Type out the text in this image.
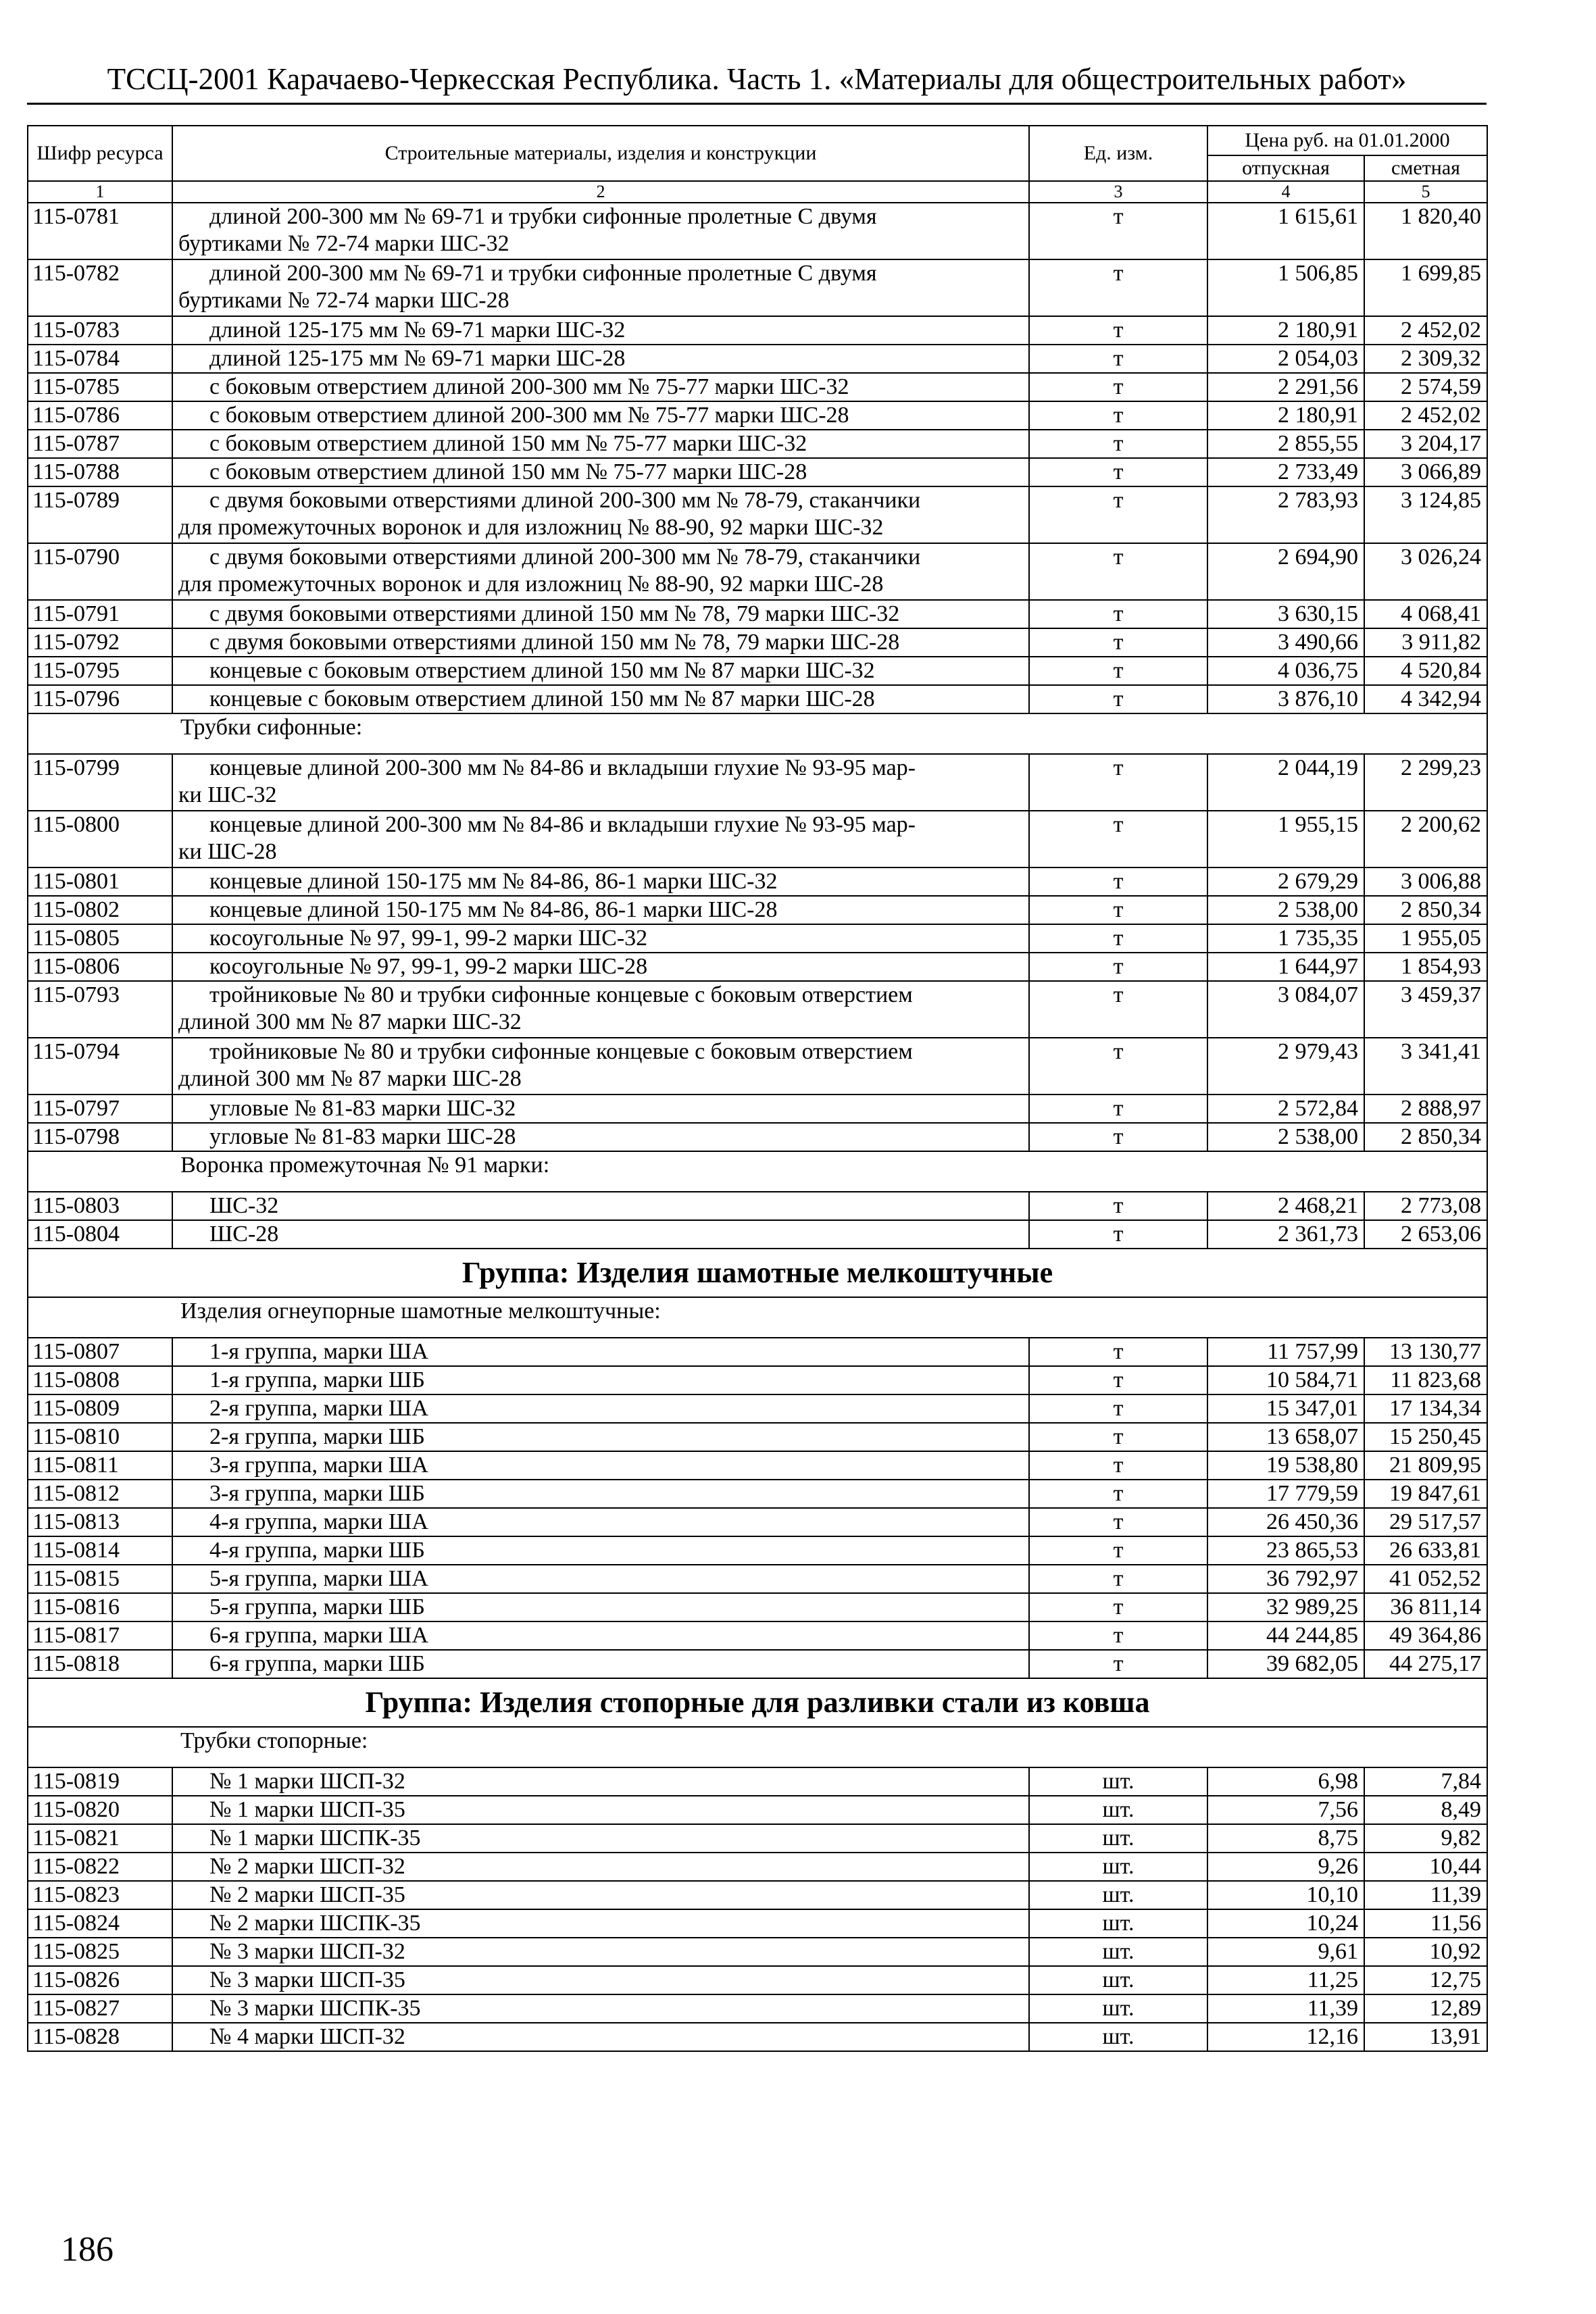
ТССЦ-2001 Карачаево-Черкесская Республика. Часть 1. «Материалы для общестроительных работ»
Шифр ресурса	Строительные материалы, изделия и конструкции	Ед. изм.	Цена руб. на 01.01.2000	
			отпускная	сметная
1	2	3	4	5
115-0781	длиной 200-300 мм № 69-71 и трубки сифонные пролетные С двумя
буртиками № 72-74 марки ШС-32	т	1 615,61	1 820,40
115-0782	длиной 200-300 мм № 69-71 и трубки сифонные пролетные С двумя
буртиками № 72-74 марки ШС-28	т	1 506,85	1 699,85
115-0783	длиной 125-175 мм № 69-71 марки ШС-32	т	2 180,91	2 452,02
115-0784	длиной 125-175 мм № 69-71 марки ШС-28	т	2 054,03	2 309,32
115-0785	с боковым отверстием длиной 200-300 мм № 75-77 марки ШС-32	т	2 291,56	2 574,59
115-0786	с боковым отверстием длиной 200-300 мм № 75-77 марки ШС-28	т	2 180,91	2 452,02
115-0787	с боковым отверстием длиной 150 мм № 75-77 марки ШС-32	т	2 855,55	3 204,17
115-0788	с боковым отверстием длиной 150 мм № 75-77 марки ШС-28	т	2 733,49	3 066,89
115-0789	с двумя боковыми отверстиями длиной 200-300 мм № 78-79, стаканчики
для промежуточных воронок и для изложниц № 88-90, 92 марки ШС-32	т	2 783,93	3 124,85
115-0790	с двумя боковыми отверстиями длиной 200-300 мм № 78-79, стаканчики
для промежуточных воронок и для изложниц № 88-90, 92 марки ШС-28	т	2 694,90	3 026,24
115-0791	с двумя боковыми отверстиями длиной 150 мм № 78, 79 марки ШС-32	т	3 630,15	4 068,41
115-0792	с двумя боковыми отверстиями длиной 150 мм № 78, 79 марки ШС-28	т	3 490,66	3 911,82
115-0795	концевые с боковым отверстием длиной 150 мм № 87 марки ШС-32	т	4 036,75	4 520,84
115-0796	концевые с боковым отверстием длиной 150 мм № 87 марки ШС-28	т	3 876,10	4 342,94
	Трубки сифонные:			
115-0799	концевые длиной 200-300 мм № 84-86 и вкладыши глухие № 93-95 мар-
ки ШС-32	т	2 044,19	2 299,23
115-0800	концевые длиной 200-300 мм № 84-86 и вкладыши глухие № 93-95 мар-
ки ШС-28	т	1 955,15	2 200,62
115-0801	концевые длиной 150-175 мм № 84-86, 86-1 марки ШС-32	т	2 679,29	3 006,88
115-0802	концевые длиной 150-175 мм № 84-86, 86-1 марки ШС-28	т	2 538,00	2 850,34
115-0805	косоугольные № 97, 99-1, 99-2 марки ШС-32	т	1 735,35	1 955,05
115-0806	косоугольные № 97, 99-1, 99-2 марки ШС-28	т	1 644,97	1 854,93
115-0793	тройниковые № 80 и трубки сифонные концевые с боковым отверстием
длиной 300 мм № 87 марки ШС-32	т	3 084,07	3 459,37
115-0794	тройниковые № 80 и трубки сифонные концевые с боковым отверстием
длиной 300 мм № 87 марки ШС-28	т	2 979,43	3 341,41
115-0797	угловые № 81-83 марки ШС-32	т	2 572,84	2 888,97
115-0798	угловые № 81-83 марки ШС-28	т	2 538,00	2 850,34
	Воронка промежуточная № 91 марки:			
115-0803	ШС-32	т	2 468,21	2 773,08
115-0804	ШС-28	т	2 361,73	2 653,06
Группа: Изделия шамотные мелкоштучные				
	Изделия огнеупорные шамотные мелкоштучные:			
115-0807	1-я группа, марки ША	т	11 757,99	13 130,77
115-0808	1-я группа, марки ШБ	т	10 584,71	11 823,68
115-0809	2-я группа, марки ША	т	15 347,01	17 134,34
115-0810	2-я группа, марки ШБ	т	13 658,07	15 250,45
115-0811	3-я группа, марки ША	т	19 538,80	21 809,95
115-0812	3-я группа, марки ШБ	т	17 779,59	19 847,61
115-0813	4-я группа, марки ША	т	26 450,36	29 517,57
115-0814	4-я группа, марки ШБ	т	23 865,53	26 633,81
115-0815	5-я группа, марки ША	т	36 792,97	41 052,52
115-0816	5-я группа, марки ШБ	т	32 989,25	36 811,14
115-0817	6-я группа, марки ША	т	44 244,85	49 364,86
115-0818	6-я группа, марки ШБ	т	39 682,05	44 275,17
Группа: Изделия стопорные для разливки стали из ковша				
	Трубки стопорные:			
115-0819	№ 1 марки ШСП-32	шт.	6,98	7,84
115-0820	№ 1 марки ШСП-35	шт.	7,56	8,49
115-0821	№ 1 марки ШСПК-35	шт.	8,75	9,82
115-0822	№ 2 марки ШСП-32	шт.	9,26	10,44
115-0823	№ 2 марки ШСП-35	шт.	10,10	11,39
115-0824	№ 2 марки ШСПК-35	шт.	10,24	11,56
115-0825	№ 3 марки ШСП-32	шт.	9,61	10,92
115-0826	№ 3 марки ШСП-35	шт.	11,25	12,75
115-0827	№ 3 марки ШСПК-35	шт.	11,39	12,89
115-0828	№ 4 марки ШСП-32	шт.	12,16	13,91
186
